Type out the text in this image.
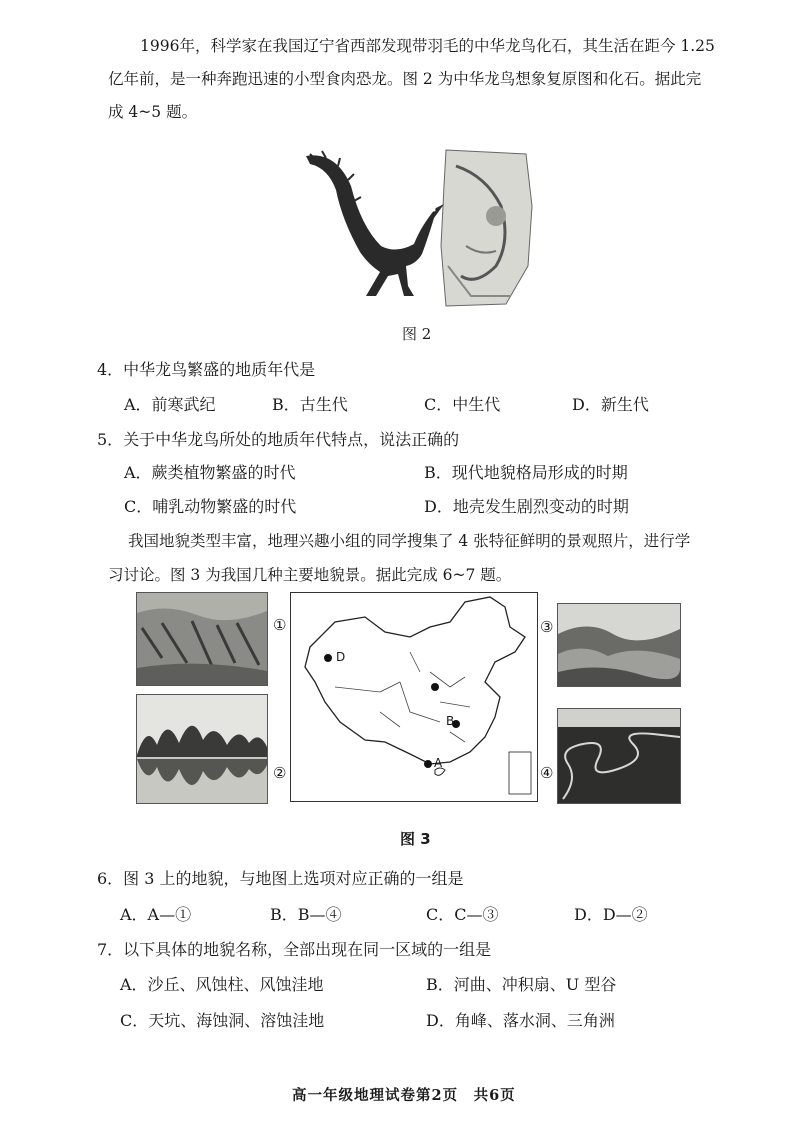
1996年，科学家在我国辽宁省西部发现带羽毛的中华龙鸟化石，其生活在距今 1.25
亿年前，是一种奔跑迅速的小型食肉恐龙。图 2 为中华龙鸟想象复原图和化石。据此完
成 4~5 题。
图 2
4．中华龙鸟繁盛的地质年代是
A．前寒武纪	B．古生代	C．中生代	D．新生代
5．关于中华龙鸟所处的地质年代特点，说法正确的
A．蕨类植物繁盛的时代	B．现代地貌格局形成的时期
C．哺乳动物繁盛的时代	D．地壳发生剧烈变动的时期
我国地貌类型丰富，地理兴趣小组的同学搜集了 4 张特征鲜明的景观照片，进行学
习讨论。图 3 为我国几种主要地貌景。据此完成 6~7 题。
D
B
A
①
②
③
④
图 3
6．图 3 上的地貌，与地图上选项对应正确的一组是
A．A—①	B．B—④	C．C—③	D．D—②
7．以下具体的地貌名称，全部出现在同一区域的一组是
A．沙丘、风蚀柱、风蚀洼地	B．河曲、冲积扇、U 型谷
C．天坑、海蚀洞、溶蚀洼地	D．角峰、落水洞、三角洲
高一年级地理试卷第2页　共6页
